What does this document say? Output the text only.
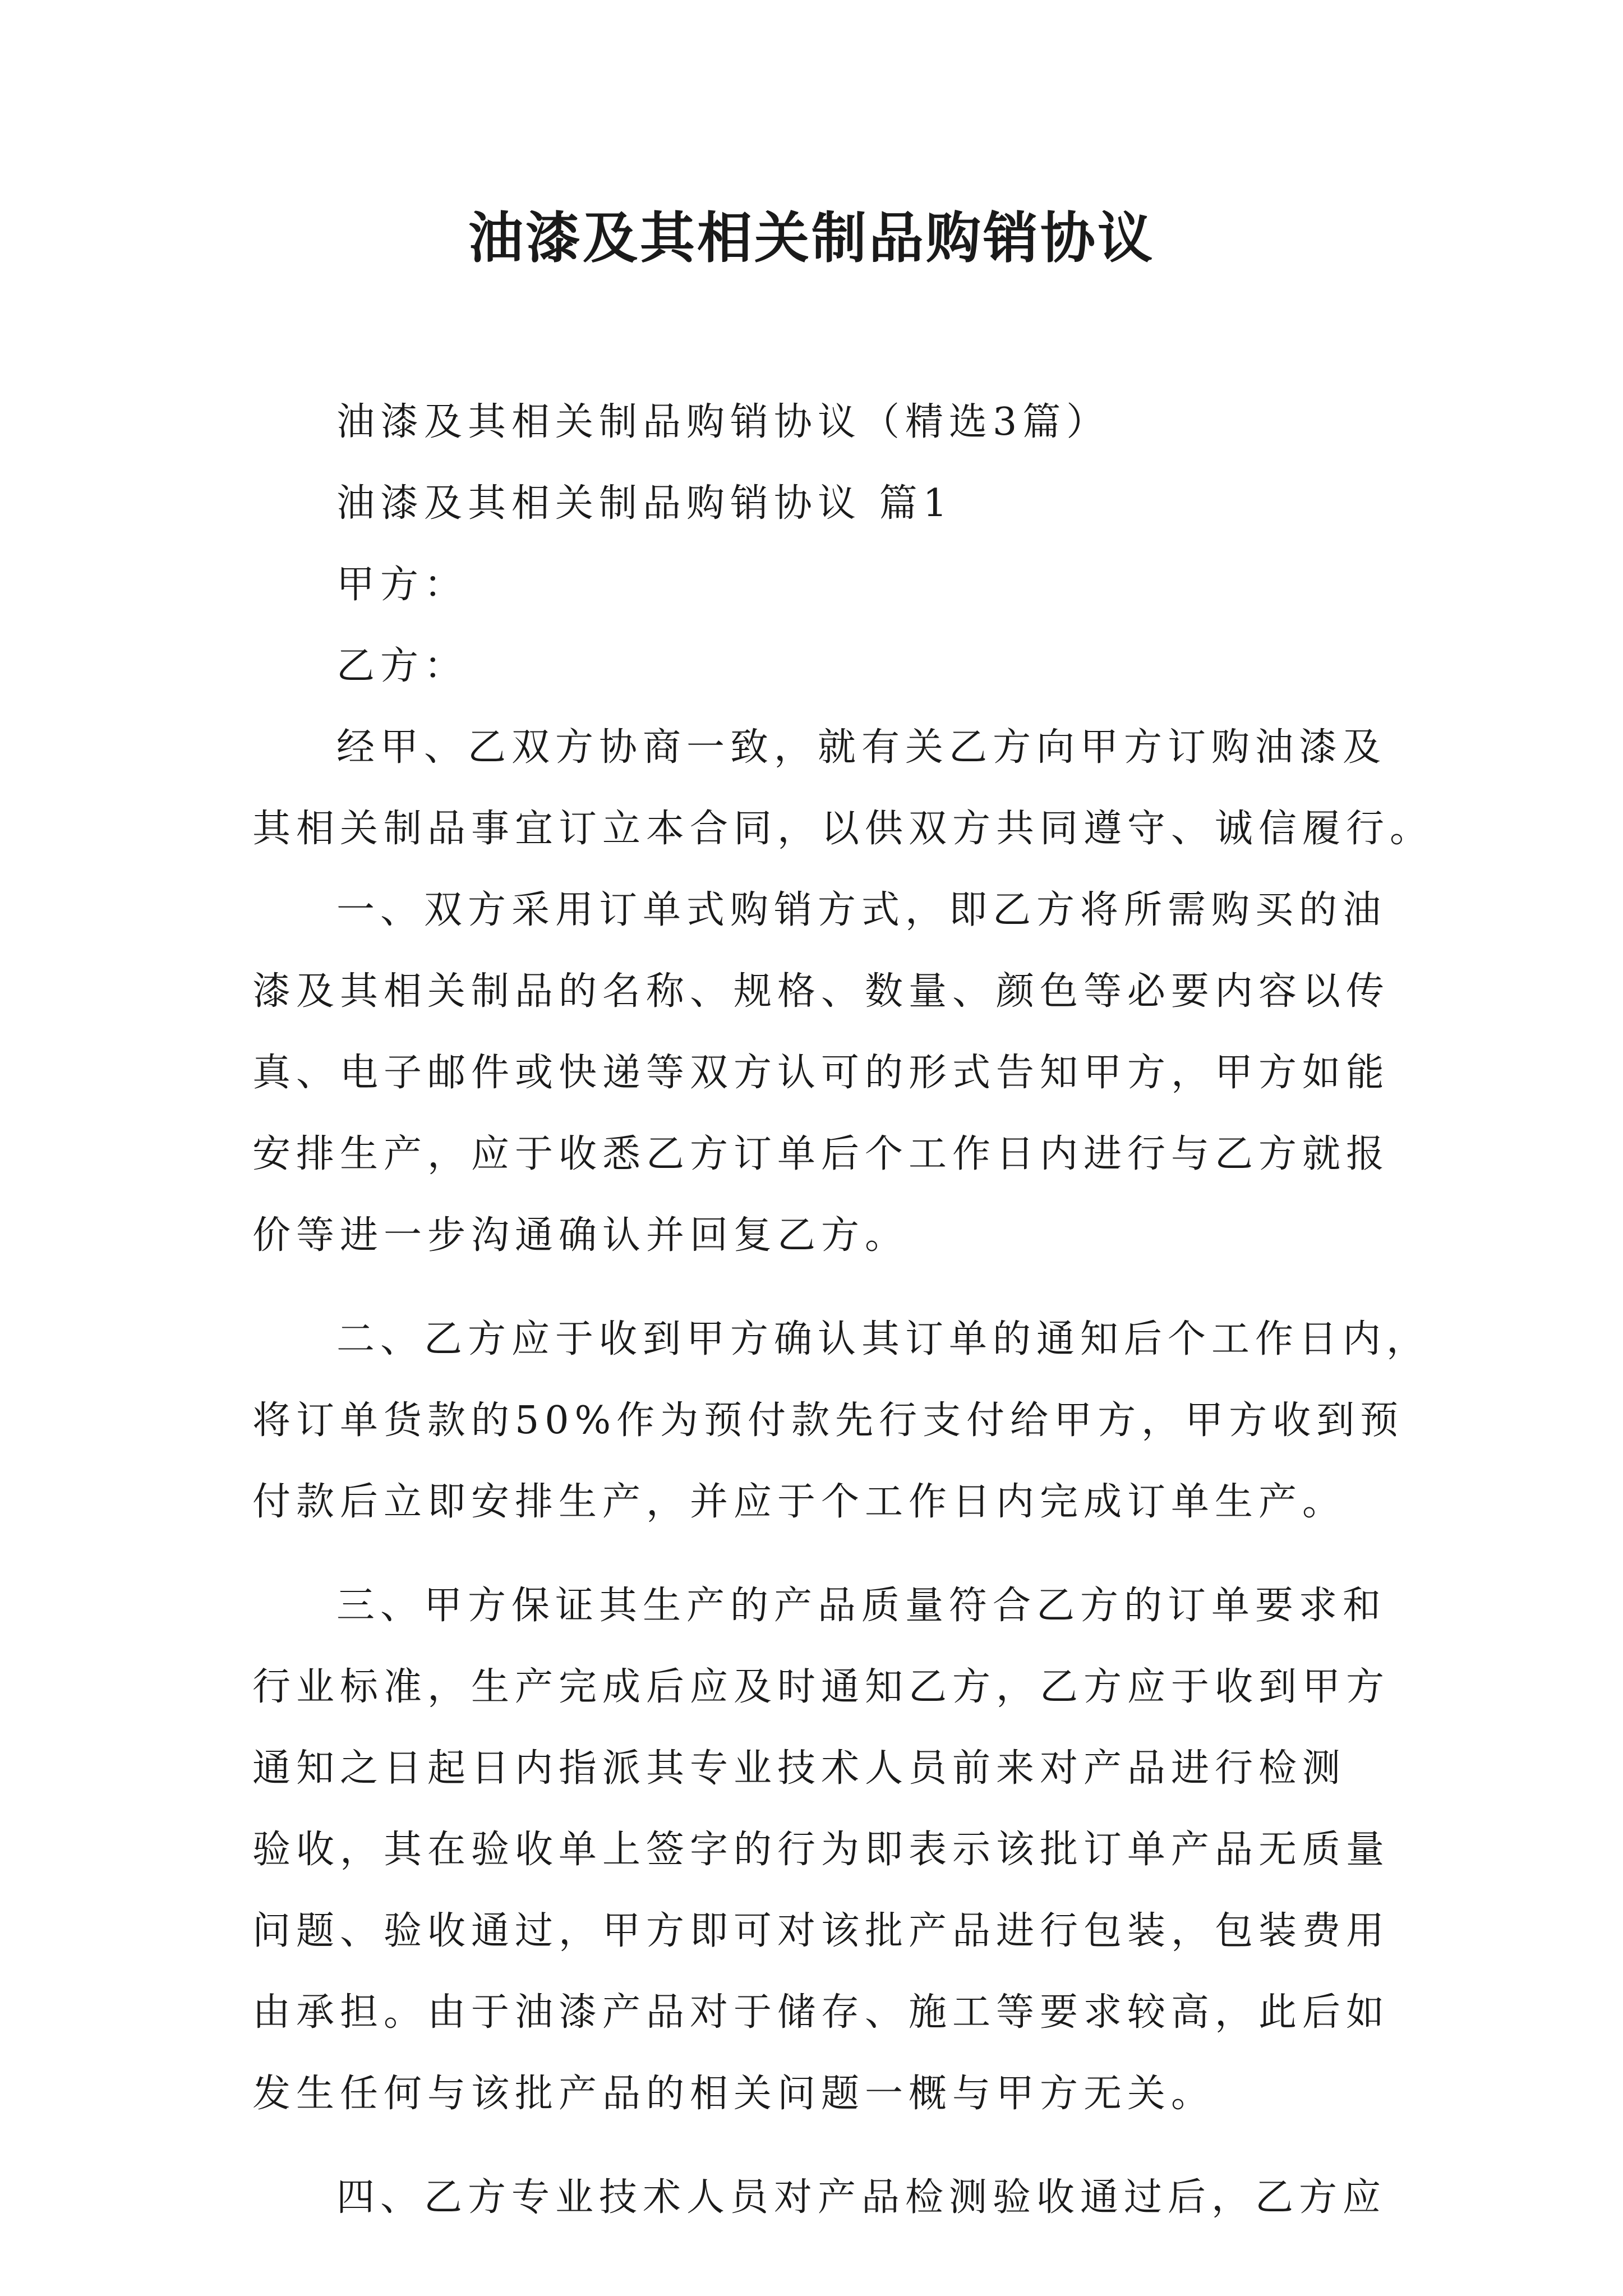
油漆及其相关制品购销协议

油漆及其相关制品购销协议（精选3篇）

油漆及其相关制品购销协议 篇1

甲方：

乙方：

经甲、乙双方协商一致，就有关乙方向甲方订购油漆及

其相关制品事宜订立本合同，以供双方共同遵守、诚信履行。

一、双方采用订单式购销方式，即乙方将所需购买的油

漆及其相关制品的名称、规格、数量、颜色等必要内容以传

真、电子邮件或快递等双方认可的形式告知甲方，甲方如能

安排生产，应于收悉乙方订单后个工作日内进行与乙方就报

价等进一步沟通确认并回复乙方。

二、乙方应于收到甲方确认其订单的通知后个工作日内，

将订单货款的50%作为预付款先行支付给甲方，甲方收到预

付款后立即安排生产，并应于个工作日内完成订单生产。

三、甲方保证其生产的产品质量符合乙方的订单要求和

行业标准，生产完成后应及时通知乙方，乙方应于收到甲方

通知之日起日内指派其专业技术人员前来对产品进行检测

验收，其在验收单上签字的行为即表示该批订单产品无质量

问题、验收通过，甲方即可对该批产品进行包装，包装费用

由承担。由于油漆产品对于储存、施工等要求较高，此后如

发生任何与该批产品的相关问题一概与甲方无关。

四、乙方专业技术人员对产品检测验收通过后，乙方应
